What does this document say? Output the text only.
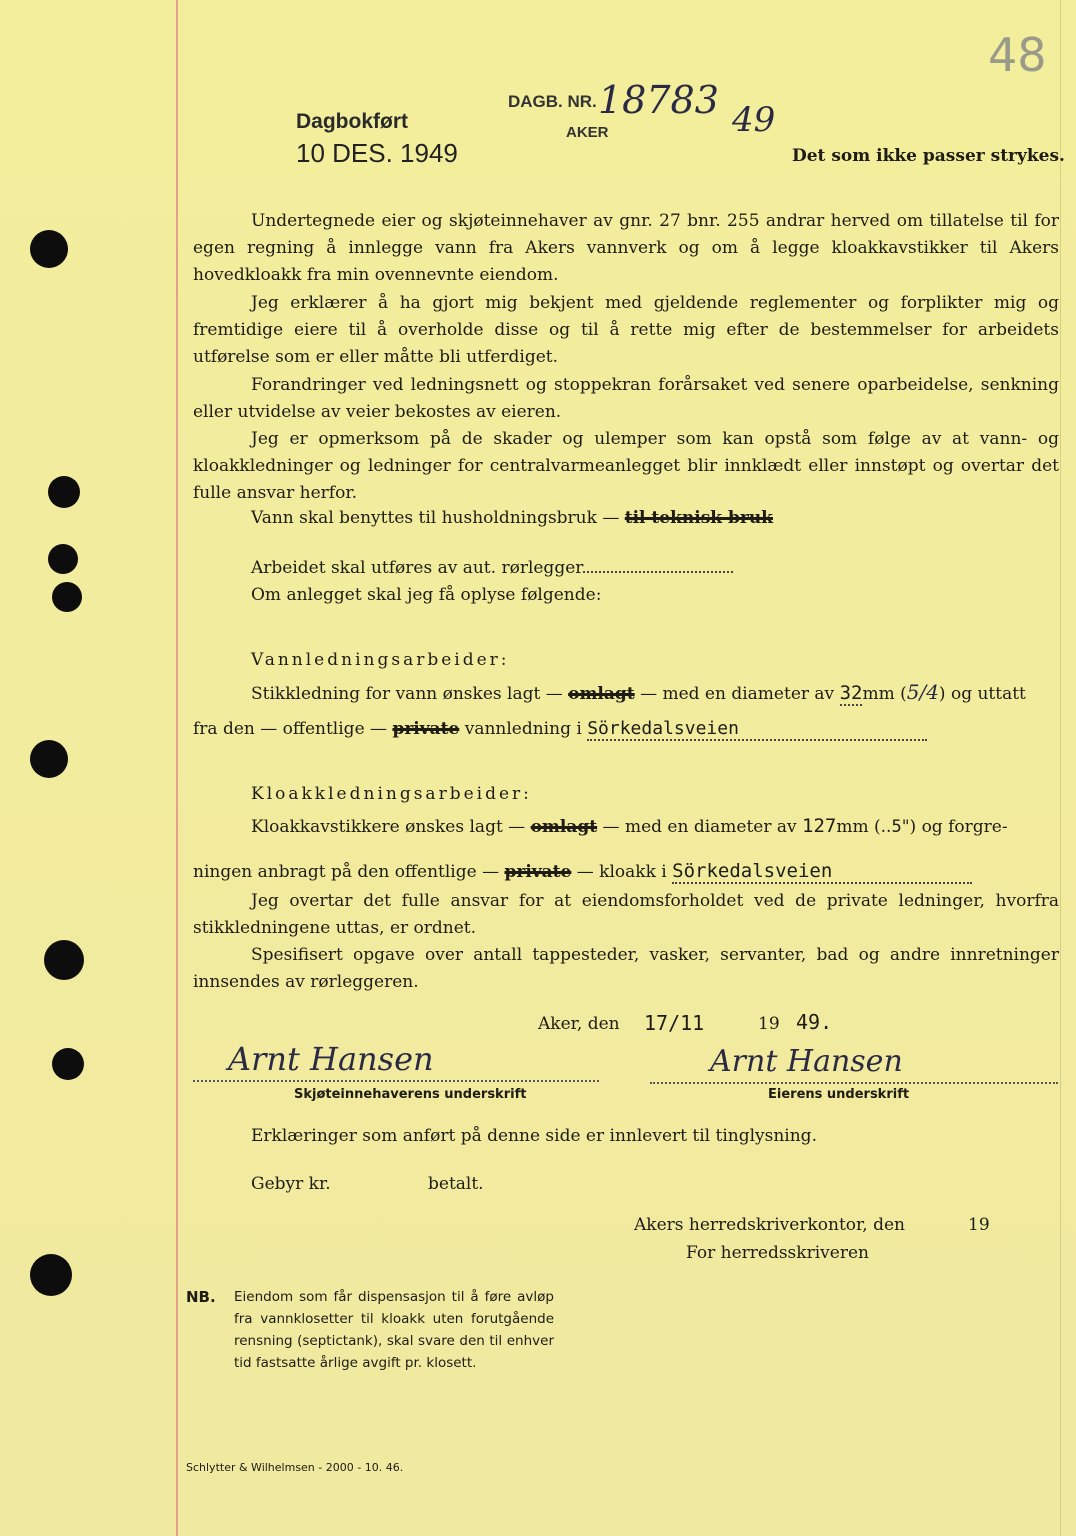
48
Dagbokført
10 DES. 1949
DAGB. NR. 18783
AKER	49
Det som ikke passer strykes.
Undertegnede eier og skjøteinnehaver av gnr. 27 bnr. 255 andrar herved om tillatelse til for egen regning å innlegge vann fra Akers vannverk og om å legge kloakkavstikker til Akers hovedkloakk fra min ovennevnte eiendom.
Jeg erklærer å ha gjort mig bekjent med gjeldende reglementer og forplikter mig og fremtidige eiere til å overholde disse og til å rette mig efter de bestemmelser for arbeidets utførelse som er eller måtte bli utferdiget.
Forandringer ved ledningsnett og stoppekran forårsaket ved senere oparbeidelse, senkning eller utvidelse av veier bekostes av eieren.
Jeg er opmerksom på de skader og ulemper som kan opstå som følge av at vann- og kloakkledninger og ledninger for centralvarmeanlegget blir innklædt eller innstøpt og overtar det fulle ansvar herfor.
Vann skal benyttes til husholdningsbruk — til teknisk bruk
Arbeidet skal utføres av aut. rørlegger
Om anlegget skal jeg få oplyse følgende:
Vannledningsarbeider:
Stikkledning for vann ønskes lagt — omlagt — med en diameter av 32mm (5/4) og uttatt
fra den — offentlige — private vannledning i Sörkedalsveien
Kloakkledningsarbeider:
Kloakkavstikkere ønskes lagt — omlagt — med en diameter av 127mm (..5") og forgre-
ningen anbragt på den offentlige — private — kloakk i Sörkedalsveien
Jeg overtar det fulle ansvar for at eiendomsforholdet ved de private ledninger, hvorfra stikkledningene uttas, er ordnet.
Spesifisert opgave over antall tappesteder, vasker, servanter, bad og andre innretninger innsendes av rørleggeren.
Aker, den 17/11	19 49.
Arnt Hansen	Arnt Hansen
Skjøteinnehaverens underskrift	Eierens underskrift
Erklæringer som anført på denne side er innlevert til tinglysning.
Gebyr kr.	betalt.
Akers herredskriverkontor, den	19
For herredsskriveren
NB. Eiendom som får dispensasjon til å føre avløp fra vannklosetter til kloakk uten forutgående rensning (septictank), skal svare den til enhver tid fastsatte årlige avgift pr. klosett.
Schlytter & Wilhelmsen - 2000 - 10. 46.
